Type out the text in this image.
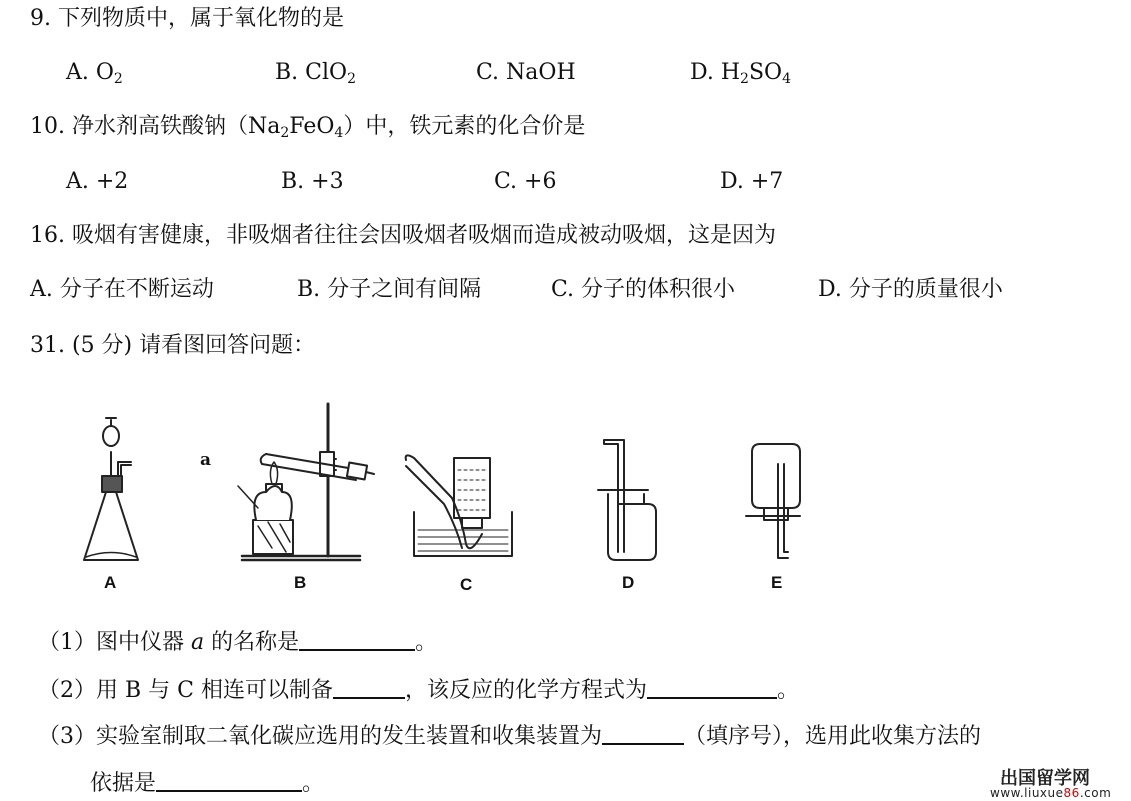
9. 下列物质中，属于氧化物的是
A. $O_2$	B. ClO$_2$	C. NaOH	D. $H_2SO_4$
10. 净水剂高铁酸钠$(Na_2FeO_4)$中，铁元素的化合价是
A. +2	B. +3	C. +6	D. +7
16. 吸烟有害健康，非吸烟者往往会因吸烟者吸烟而造成被动吸烟，这是因为
A. 分子在不断运动	B. 分子之间有间隔	C. 分子的体积很小	D. 分子的质量很小
31. (5 分) 请看图回答问题：
a
A	B	C	D	E
（1）图中仪器 a 的名称是	。
（2）用 B 与 C 相连可以制备	，该反应的化学方程式为	。
（3）实验室制取二氧化碳应选用的发生装置和收集装置为	（填序号），选用此收集方法的
依据是	。	出国留学网
www.liuxue86.com
